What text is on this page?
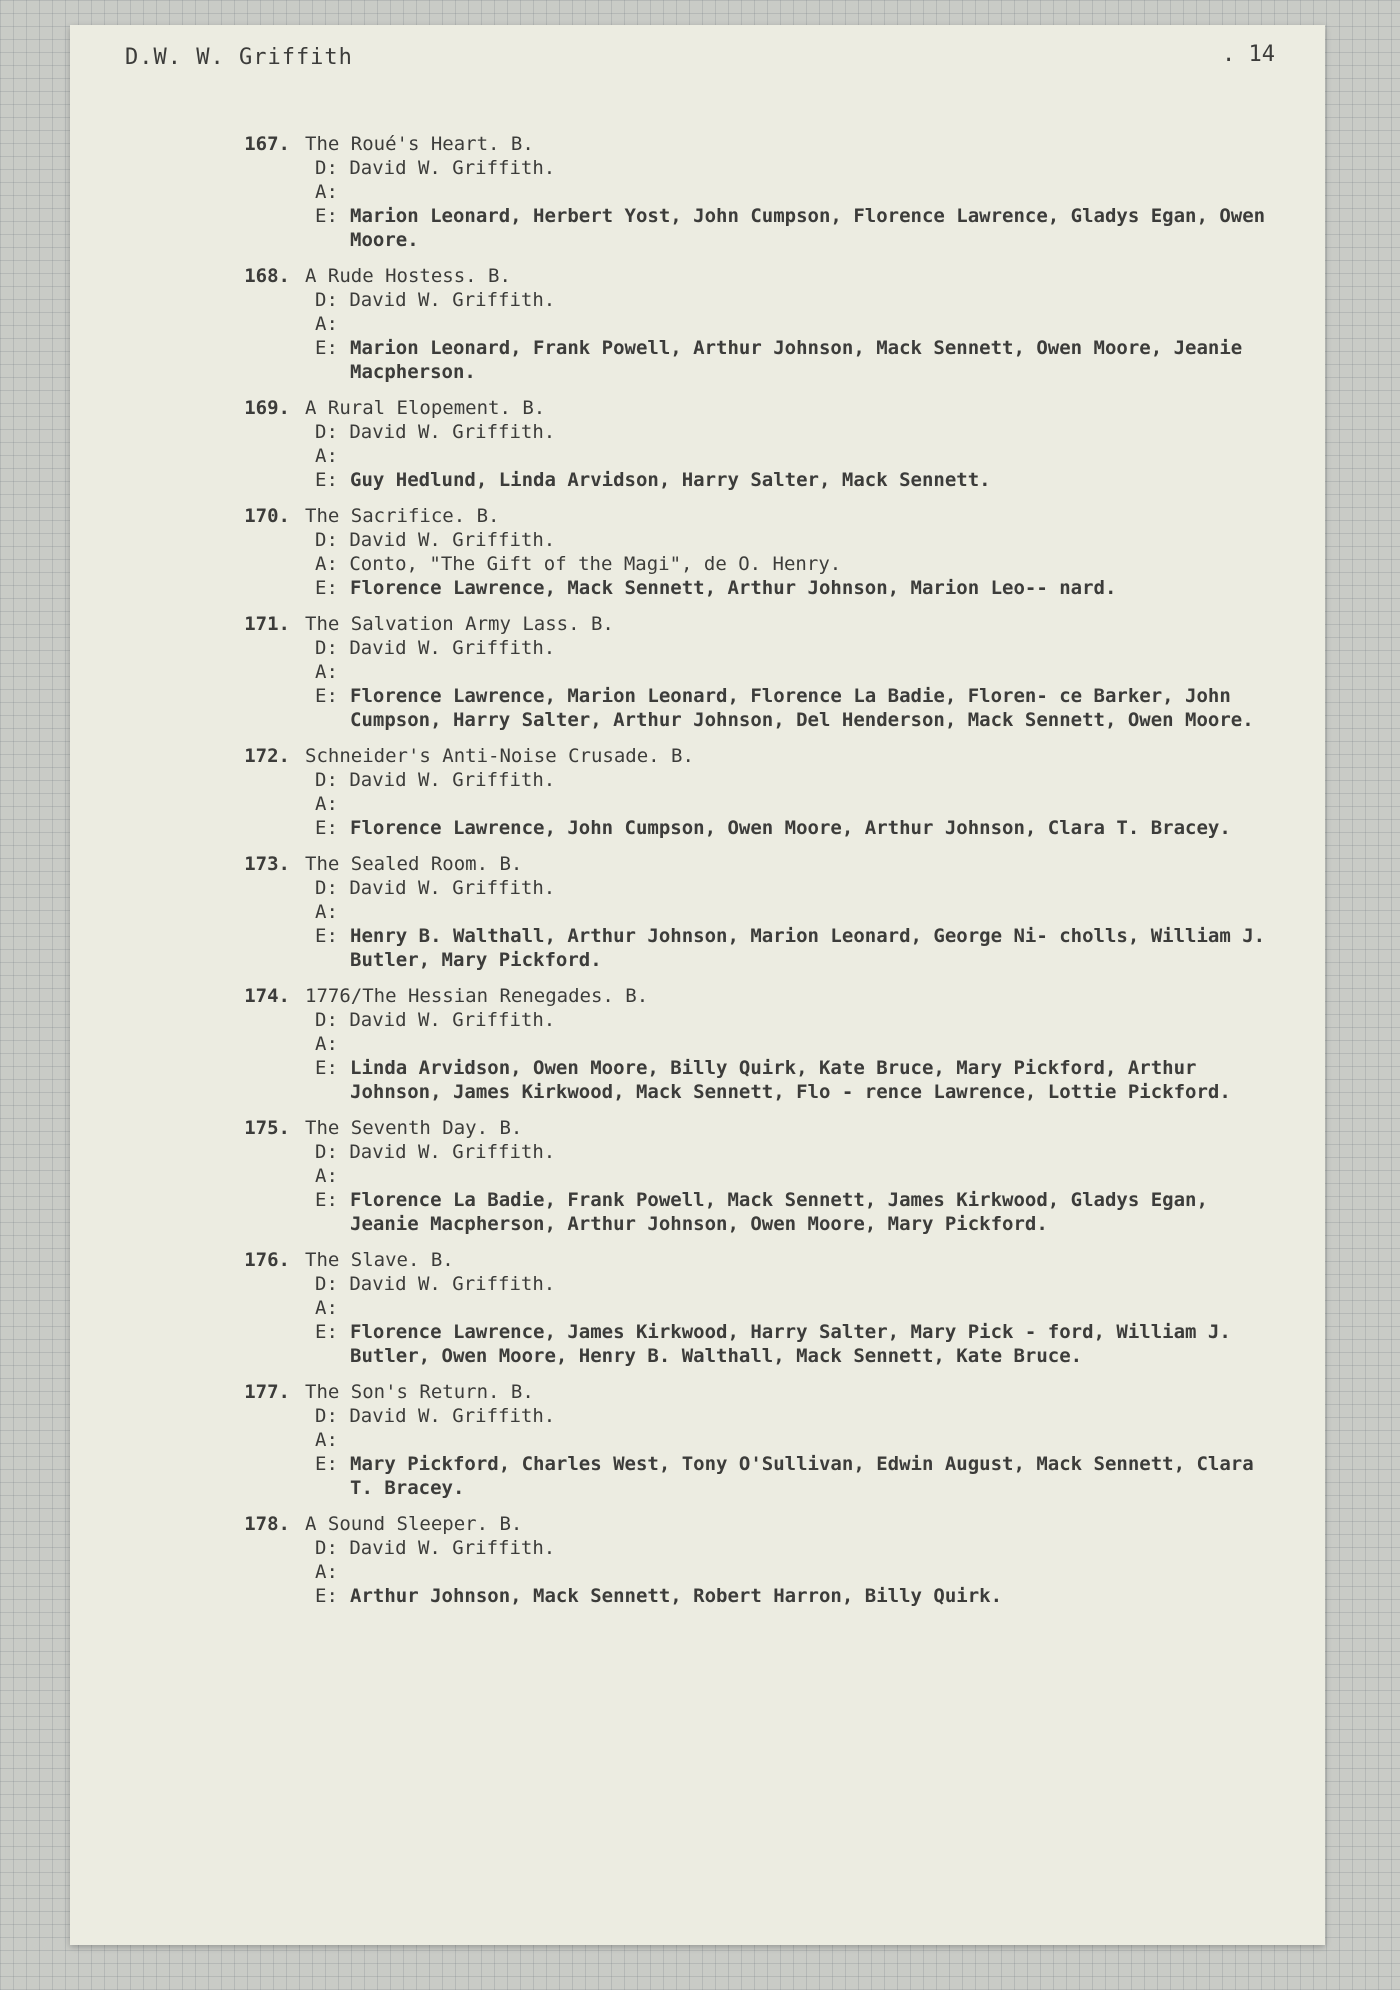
D.W. W. Griffith	. 14
167. The Roué's Heart. B.
D: David W. Griffith.
A:
E: Marion Leonard, Herbert Yost, John Cumpson, Florence Lawrence, Gladys Egan, Owen Moore.
168. A Rude Hostess. B.
D: David W. Griffith.
A:
E: Marion Leonard, Frank Powell, Arthur Johnson, Mack Sennett, Owen Moore, Jeanie Macpherson.
169. A Rural Elopement. B.
D: David W. Griffith.
A:
E: Guy Hedlund, Linda Arvidson, Harry Salter, Mack Sennett.
170. The Sacrifice. B.
D: David W. Griffith.
A: Conto, "The Gift of the Magi", de O. Henry.
E: Florence Lawrence, Mack Sennett, Arthur Johnson, Marion Leo-- nard.
171. The Salvation Army Lass. B.
D: David W. Griffith.
A:
E: Florence Lawrence, Marion Leonard, Florence La Badie, Floren- ce Barker, John Cumpson, Harry Salter, Arthur Johnson, Del Henderson, Mack Sennett, Owen Moore.
172. Schneider's Anti-Noise Crusade. B.
D: David W. Griffith.
A:
E: Florence Lawrence, John Cumpson, Owen Moore, Arthur Johnson, Clara T. Bracey.
173. The Sealed Room. B.
D: David W. Griffith.
A:
E: Henry B. Walthall, Arthur Johnson, Marion Leonard, George Ni- cholls, William J. Butler, Mary Pickford.
174. 1776/The Hessian Renegades. B.
D: David W. Griffith.
A:
E: Linda Arvidson, Owen Moore, Billy Quirk, Kate Bruce, Mary Pickford, Arthur Johnson, James Kirkwood, Mack Sennett, Flo - rence Lawrence, Lottie Pickford.
175. The Seventh Day. B.
D: David W. Griffith.
A:
E: Florence La Badie, Frank Powell, Mack Sennett, James Kirkwood, Gladys Egan, Jeanie Macpherson, Arthur Johnson, Owen Moore, Mary Pickford.
176. The Slave. B.
D: David W. Griffith.
A:
E: Florence Lawrence, James Kirkwood, Harry Salter, Mary Pick - ford, William J. Butler, Owen Moore, Henry B. Walthall, Mack Sennett, Kate Bruce.
177. The Son's Return. B.
D: David W. Griffith.
A:
E: Mary Pickford, Charles West, Tony O'Sullivan, Edwin August, Mack Sennett, Clara T. Bracey.
178. A Sound Sleeper. B.
D: David W. Griffith.
A:
E: Arthur Johnson, Mack Sennett, Robert Harron, Billy Quirk.
